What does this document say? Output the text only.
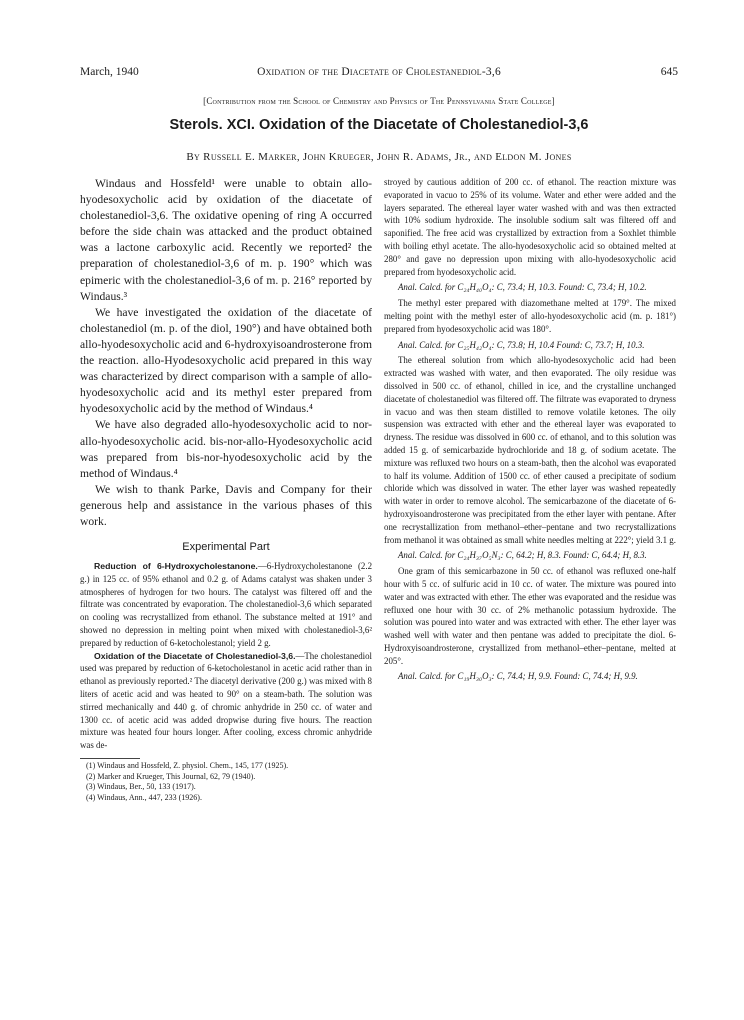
March, 1940	Oxidation of the Diacetate of Cholestanediol-3,6	645
[Contribution from the School of Chemistry and Physics of The Pennsylvania State College]
Sterols. XCI. Oxidation of the Diacetate of Cholestanediol-3,6
By Russell E. Marker, John Krueger, John R. Adams, Jr., and Eldon M. Jones

Windaus and Hossfeld¹ were unable to obtain allo-hyodesoxycholic acid by oxidation of the diacetate of cholestanediol-3,6. The oxidative opening of ring A occurred before the side chain was attacked and the product obtained was a lactone carboxylic acid. Recently we reported² the preparation of cholestanediol-3,6 of m. p. 190° which was epimeric with the cholestanediol-3,6 of m. p. 216° reported by Windaus.³

We have investigated the oxidation of the diacetate of cholestanediol (m. p. of the diol, 190°) and have obtained both allo-hyodesoxycholic acid and 6-hydroxyisoandrosterone from the reaction. allo-Hyodesoxycholic acid prepared in this way was characterized by direct comparison with a sample of allo-hyodesoxycholic acid and its methyl ester prepared from hyodesoxycholic acid by the method of Windaus.⁴

We have also degraded allo-hyodesoxycholic acid to nor-allo-hyodesoxycholic acid. bis-nor-allo-Hyodesoxycholic acid was prepared from bis-nor-hyodesoxycholic acid by the method of Windaus.⁴

We wish to thank Parke, Davis and Company for their generous help and assistance in the various phases of this work.

Experimental Part

Reduction of 6-Hydroxycholestanone.—6-Hydroxycholestanone (2.2 g.) in 125 cc. of 95% ethanol and 0.2 g. of Adams catalyst was shaken under 3 atmospheres of hydrogen for two hours. The catalyst was filtered off and the filtrate was concentrated by evaporation. The cholestanediol-3,6 which separated on cooling was recrystallized from ethanol. The substance melted at 191° and showed no depression in melting point when mixed with cholestanediol-3,6² prepared by reduction of 6-ketocholestanol; yield 2 g.

Oxidation of the Diacetate of Cholestanediol-3,6.—The cholestanediol used was prepared by reduction of 6-ketocholestanol in acetic acid rather than in ethanol as previously reported.² The diacetyl derivative (200 g.) was mixed with 8 liters of acetic acid and was heated to 90° on a steam-bath. The solution was stirred mechanically and 440 g. of chromic anhydride in 250 cc. of water and 1300 cc. of acetic acid was added dropwise during five hours. The reaction mixture was heated four hours longer. After cooling, excess chromic anhydride was de-

(1) Windaus and Hossfeld, Z. physiol. Chem., 145, 177 (1925).
(2) Marker and Krueger, This Journal, 62, 79 (1940).
(3) Windaus, Ber., 50, 133 (1917).
(4) Windaus, Ann., 447, 233 (1926).

stroyed by cautious addition of 200 cc. of ethanol. The reaction mixture was evaporated in vacuo to 25% of its volume. Water and ether were added and the layers separated. The ethereal layer water washed with and was then extracted with 10% sodium hydroxide. The insoluble sodium salt was filtered off and saponified. The free acid was crystallized by extraction from a Soxhlet thimble with boiling ethyl acetate. The allo-hyodesoxycholic acid so obtained melted at 280° and gave no depression upon mixing with allo-hyodesoxycholic acid prepared from hyodesoxycholic acid.

Anal. Calcd. for C₂₄H₄₀O₄: C, 73.4; H, 10.3. Found: C, 73.4; H, 10.2.

The methyl ester prepared with diazomethane melted at 179°. The mixed melting point with the methyl ester of allo-hyodesoxycholic acid (m. p. 181°) prepared from hyodesoxycholic acid was 180°.

Anal. Calcd. for C₂₅H₄₂O₄: C, 73.8; H, 10.4 Found: C, 73.7; H, 10.3.

The ethereal solution from which allo-hyodesoxycholic acid had been extracted was washed with water, and then evaporated. The oily residue was dissolved in 500 cc. of ethanol, chilled in ice, and the crystalline unchanged diacetate of cholestanediol was filtered off. The filtrate was evaporated to dryness in vacuo and was then steam distilled to remove volatile ketones. The oily suspension was extracted with ether and the ethereal layer was evaporated to dryness. The residue was dissolved in 600 cc. of ethanol, and to this solution was added 15 g. of semicarbazide hydrochloride and 18 g. of sodium acetate. The mixture was refluxed two hours on a steam-bath, then the alcohol was evaporated to half its volume. Addition of 1500 cc. of ether caused a precipitate of sodium chloride which was dissolved in water. The ether layer was washed repeatedly with water in order to remove alcohol. The semicarbazone of the diacetate of 6-hydroxyisoandrosterone was precipitated from the ether layer with pentane. After one recrystallization from methanol–ether–pentane and two recrystallizations from methanol it was obtained as small white needles melting at 222°; yield 3.1 g.

Anal. Calcd. for C₂₄H₃₇O₅N₃: C, 64.2; H, 8.3. Found: C, 64.4; H, 8.3.

One gram of this semicarbazone in 50 cc. of ethanol was refluxed one-half hour with 5 cc. of sulfuric acid in 10 cc. of water. The mixture was poured into water and was extracted with ether. The ether was evaporated and the residue was refluxed one hour with 30 cc. of 2% methanolic potassium hydroxide. The solution was poured into water and was extracted with ether. The ether layer was washed well with water and then pentane was added to precipitate the diol. 6-Hydroxyisoandrosterone, crystallized from methanol–ether–pentane, melted at 205°.

Anal. Calcd. for C₁₉H₃₀O₃: C, 74.4; H, 9.9. Found: C, 74.4; H, 9.9.
